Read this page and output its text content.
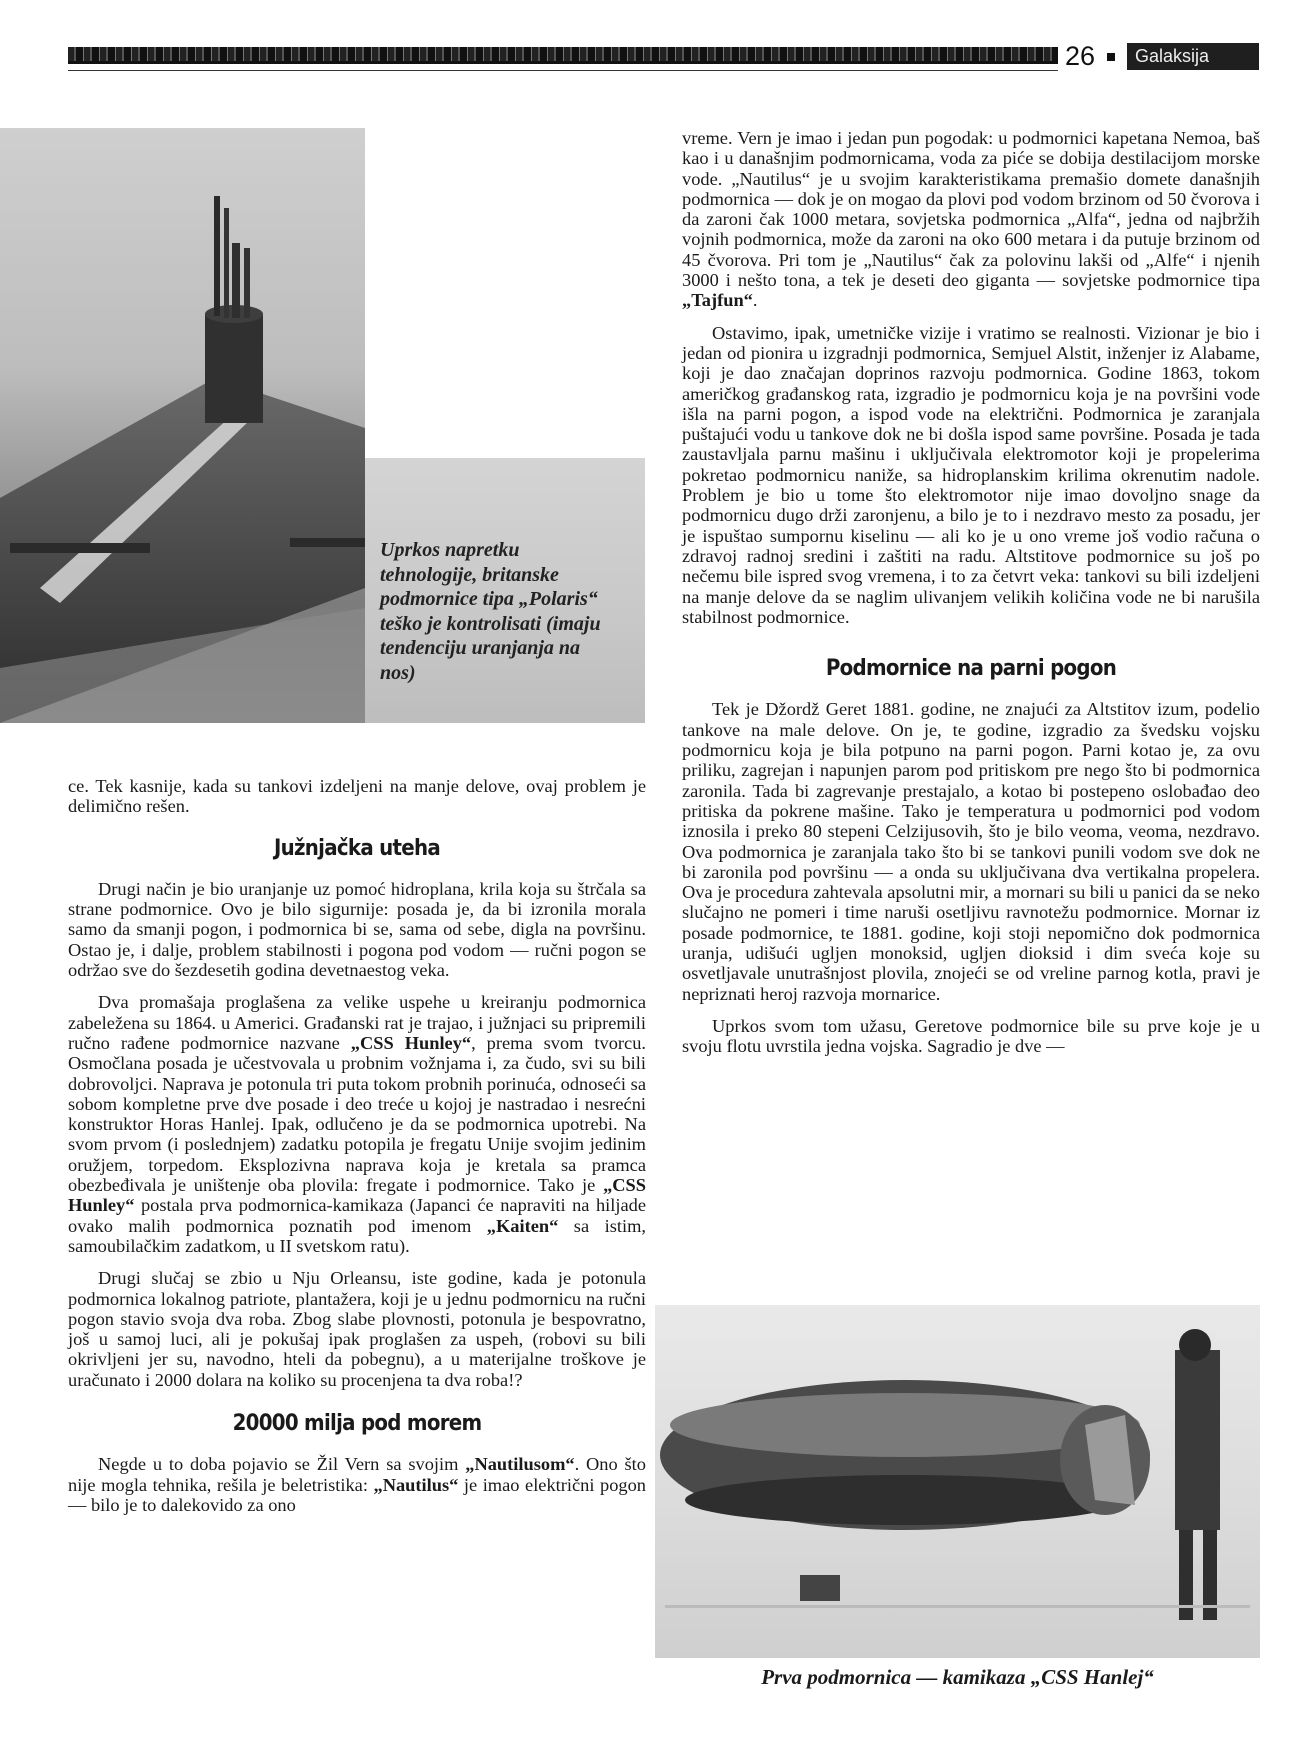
26	Galaksija
Uprkos napretku tehnologije, britanske podmornice tipa „Polaris“ teško je kontrolisati (imaju tendenciju uranjanja na nos)

ce. Tek kasnije, kada su tankovi izdeljeni na manje delove, ovaj problem je delimično rešen.

Južnjačka uteha

Drugi način je bio uranjanje uz pomoć hidroplana, krila koja su štrčala sa strane podmornice. Ovo je bilo sigurnije: posada je, da bi izronila morala samo da smanji pogon, i podmornica bi se, sama od sebe, digla na površinu. Ostao je, i dalje, problem stabilnosti i pogona pod vodom — ručni pogon se održao sve do šezdesetih godina devetnaestog veka.

Dva promašaja proglašena za velike uspehe u kreiranju podmornica zabeležena su 1864. u Americi. Građanski rat je trajao, i južnjaci su pripremili ručno rađene podmornice nazvane „CSS Hunley“, prema svom tvorcu. Osmočlana posada je učestvovala u probnim vožnjama i, za čudo, svi su bili dobrovoljci. Naprava je potonula tri puta tokom probnih porinuća, odnoseći sa sobom kompletne prve dve posade i deo treće u kojoj je nastradao i nesrećni konstruktor Horas Hanlej. Ipak, odlučeno je da se podmornica upotrebi. Na svom prvom (i poslednjem) zadatku potopila je fregatu Unije svojim jedinim oružjem, torpedom. Eksplozivna naprava koja je kretala sa pramca obezbeđivala je uništenje oba plovila: fregate i podmornice. Tako je „CSS Hunley“ postala prva podmornica-kamikaza (Japanci će napraviti na hiljade ovako malih podmornica poznatih pod imenom „Kaiten“ sa istim, samoubilačkim zadatkom, u II svetskom ratu).

Drugi slučaj se zbio u Nju Orleansu, iste godine, kada je potonula podmornica lokalnog patriote, plantažera, koji je u jednu podmornicu na ručni pogon stavio svoja dva roba. Zbog slabe plovnosti, potonula je bespovratno, još u samoj luci, ali je pokušaj ipak proglašen za uspeh, (robovi su bili okrivljeni jer su, navodno, hteli da pobegnu), a u materijalne troškove je uračunato i 2000 dolara na koliko su procenjena ta dva roba!?

20000 milja pod morem

Negde u to doba pojavio se Žil Vern sa svojim „Nautilusom“. Ono što nije mogla tehnika, rešila je beletristika: „Nautilus“ je imao električni pogon — bilo je to dalekovido za ono

vreme. Vern je imao i jedan pun pogodak: u podmornici kapetana Nemoa, baš kao i u današnjim podmornicama, voda za piće se dobija destilacijom morske vode. „Nautilus“ je u svojim karakteristikama premašio domete današnjih podmornica — dok je on mogao da plovi pod vodom brzinom od 50 čvorova i da zaroni čak 1000 metara, sovjetska podmornica „Alfa“, jedna od najbržih vojnih podmornica, može da zaroni na oko 600 metara i da putuje brzinom od 45 čvorova. Pri tom je „Nautilus“ čak za polovinu lakši od „Alfe“ i njenih 3000 i nešto tona, a tek je deseti deo giganta — sovjetske podmornice tipa „Tajfun“.

Ostavimo, ipak, umetničke vizije i vratimo se realnosti. Vizionar je bio i jedan od pionira u izgradnji podmornica, Semjuel Alstit, inženjer iz Alabame, koji je dao značajan doprinos razvoju podmornica. Godine 1863, tokom američkog građanskog rata, izgradio je podmornicu koja je na površini vode išla na parni pogon, a ispod vode na električni. Podmornica je zaranjala puštajući vodu u tankove dok ne bi došla ispod same površine. Posada je tada zaustavljala parnu mašinu i uključivala elektromotor koji je propelerima pokretao podmornicu naniže, sa hidroplanskim krilima okrenutim nadole. Problem je bio u tome što elektromotor nije imao dovoljno snage da podmornicu dugo drži zaronjenu, a bilo je to i nezdravo mesto za posadu, jer je ispuštao sumpornu kiselinu — ali ko je u ono vreme još vodio računa o zdravoj radnoj sredini i zaštiti na radu. Altstitove podmornice su još po nečemu bile ispred svog vremena, i to za četvrt veka: tankovi su bili izdeljeni na manje delove da se naglim ulivanjem velikih količina vode ne bi narušila stabilnost podmornice.

Podmornice na parni pogon

Tek je Džordž Geret 1881. godine, ne znajući za Altstitov izum, podelio tankove na male delove. On je, te godine, izgradio za švedsku vojsku podmornicu koja je bila potpuno na parni pogon. Parni kotao je, za ovu priliku, zagrejan i napunjen parom pod pritiskom pre nego što bi podmornica zaronila. Tada bi zagrevanje prestajalo, a kotao bi postepeno oslobađao deo pritiska da pokrene mašine. Tako je temperatura u podmornici pod vodom iznosila i preko 80 stepeni Celzijusovih, što je bilo veoma, veoma, nezdravo. Ova podmornica je zaranjala tako što bi se tankovi punili vodom sve dok ne bi zaronila pod površinu — a onda su uključivana dva vertikalna propelera. Ova je procedura zahtevala apsolutni mir, a mornari su bili u panici da se neko slučajno ne pomeri i time naruši osetljivu ravnotežu podmornice. Mornar iz posade podmornice, te 1881. godine, koji stoji nepomično dok podmornica uranja, udišući ugljen monoksid, ugljen dioksid i dim sveća koje su osvetljavale unutrašnjost plovila, znojeći se od vreline parnog kotla, pravi je nepriznati heroj razvoja mornarice.

Uprkos svom tom užasu, Geretove podmornice bile su prve koje je u svoju flotu uvrstila jedna vojska. Sagradio je dve —

Prva podmornica — kamikaza „CSS Hanlej“
